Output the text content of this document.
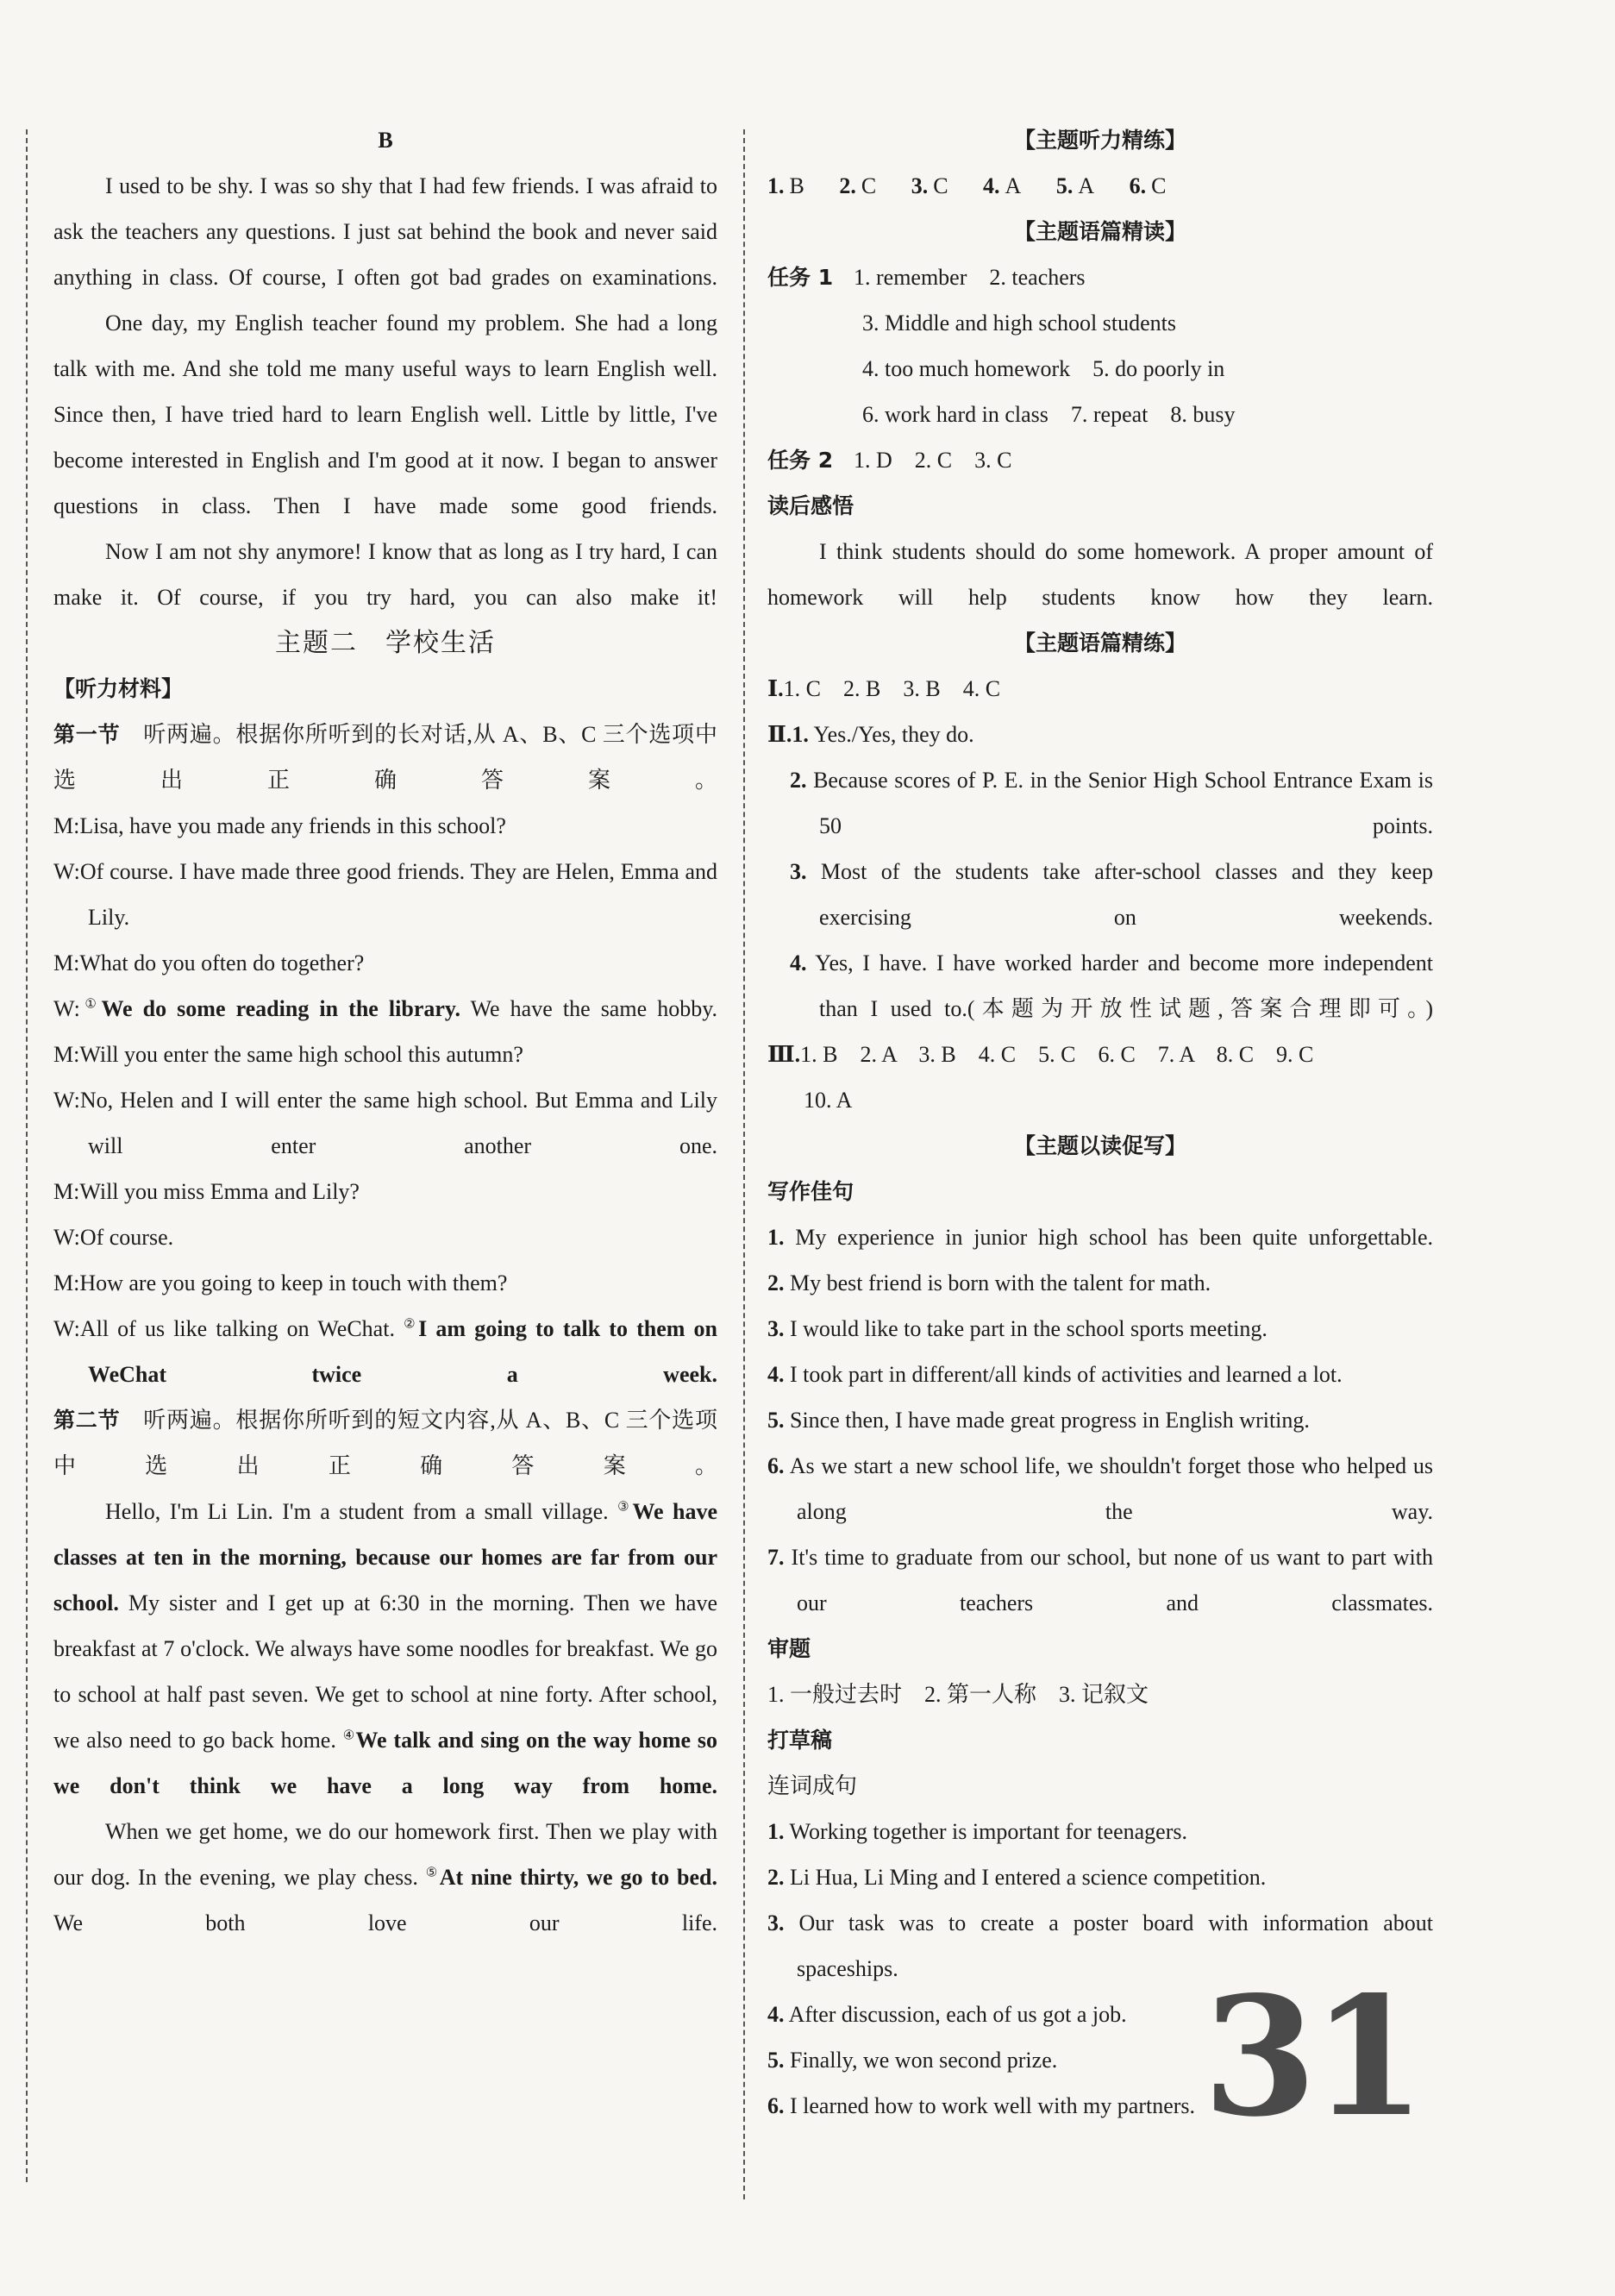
B

I used to be shy. I was so shy that I had few friends. I was afraid to ask the teachers any questions. I just sat behind the book and never said anything in class. Of course, I often got bad grades on examinations.

One day, my English teacher found my problem. She had a long talk with me. And she told me many useful ways to learn English well. Since then, I have tried hard to learn English well. Little by little, I've become interested in English and I'm good at it now. I began to answer questions in class. Then I have made some good friends.

Now I am not shy anymore! I know that as long as I try hard, I can make it. Of course, if you try hard, you can also make it!

主题二　学校生活

【听力材料】

第一节　 听两遍。根据你所听到的长对话,从 A、B、C 三个选项中选出正确答案。

M:Lisa, have you made any friends in this school?

W:Of course. I have made three good friends. They are Helen, Emma and Lily.

M:What do you often do together?

W:①We do some reading in the library. We have the same hobby.

M:Will you enter the same high school this autumn?

W:No, Helen and I will enter the same high school. But Emma and Lily will enter another one.

M:Will you miss Emma and Lily?

W:Of course.

M:How are you going to keep in touch with them?

W:All of us like talking on WeChat. ②I am going to talk to them on WeChat twice a week.

第二节　 听两遍。根据你所听到的短文内容,从 A、B、C 三个选项中选出正确答案。

Hello, I'm Li Lin. I'm a student from a small village. ③We have classes at ten in the morning, because our homes are far from our school. My sister and I get up at 6:30 in the morning. Then we have breakfast at 7 o'clock. We always have some noodles for breakfast. We go to school at half past seven. We get to school at nine forty. After school, we also need to go back home. ④We talk and sing on the way home so we don't think we have a long way from home.

When we get home, we do our homework first. Then we play with our dog. In the evening, we play chess. ⑤At nine thirty, we go to bed. We both love our life.

【主题听力精练】

1. B 2. C 3. C 4. A 5. A 6. C

【主题语篇精读】

任务 1 1. remember　2. teachers

3. Middle and high school students

4. too much homework　5. do poorly in

6. work hard in class　7. repeat　8. busy

任务 2 1. D　2. C　3. C

读后感悟

I think students should do some homework. A proper amount of homework will help students know how they learn.

【主题语篇精练】

Ⅰ.1. C　2. B　3. B　4. C

Ⅱ.1. Yes./Yes, they do.

2. Because scores of P. E. in the Senior High School Entrance Exam is 50 points.

3. Most of the students take after-school classes and they keep exercising on weekends.

4. Yes, I have. I have worked harder and become more independent than I used to.(本题为开放性试题,答案合理即可。)

Ⅲ.1. B　2. A　3. B　4. C　5. C　6. C　7. A　8. C　9. C

10. A

【主题以读促写】

写作佳句

1. My experience in junior high school has been quite unforgettable.

2. My best friend is born with the talent for math.

3. I would like to take part in the school sports meeting.

4. I took part in different/all kinds of activities and learned a lot.

5. Since then, I have made great progress in English writing.

6. As we start a new school life, we shouldn't forget those who helped us along the way.

7. It's time to graduate from our school, but none of us want to part with our teachers and classmates.

审题

1. 一般过去时　2. 第一人称　3. 记叙文

打草稿

连词成句

1. Working together is important for teenagers.

2. Li Hua, Li Ming and I entered a science competition.

3. Our task was to create a poster board with information about spaceships.

4. After discussion, each of us got a job.

5. Finally, we won second prize.

6. I learned how to work well with my partners. 31
